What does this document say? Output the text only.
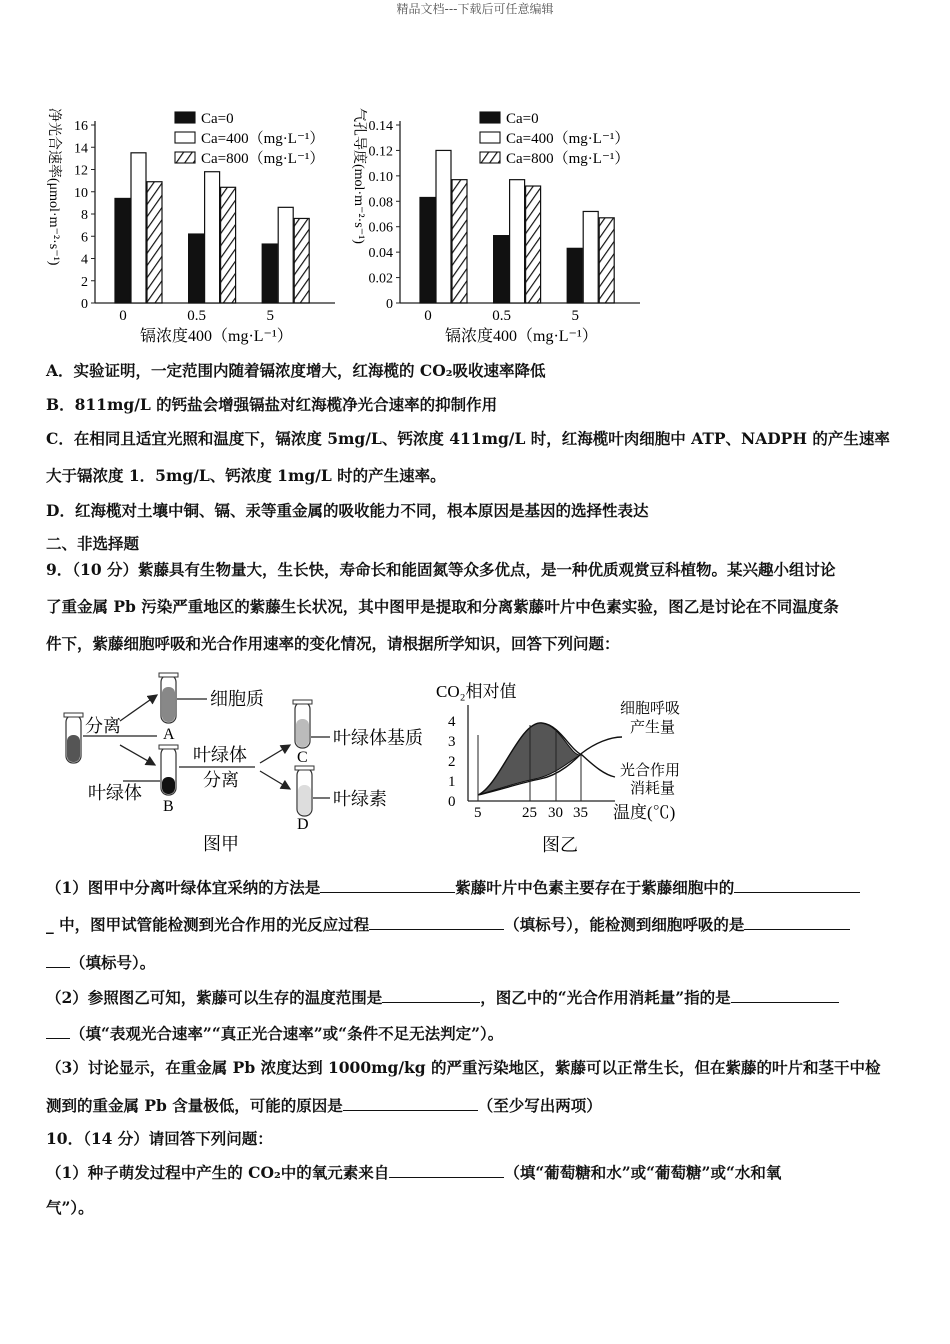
精品文档---下载后可任意编辑
净光合速率(μmol·m⁻²·s⁻¹)
0
2
4
6
8
10
12
14
16
0	0.5	5
镉浓度400（mg·L⁻¹）
Ca=0
Ca=400（mg·L⁻¹）
Ca=800（mg·L⁻¹） 气孔导度(mol·m⁻²·s⁻¹)
0
0.02
0.04
0.06
0.08
0.10
0.12
0.14
0	0.5	5
镉浓度400（mg·L⁻¹）
Ca=0
Ca=400（mg·L⁻¹）
Ca=800（mg·L⁻¹）
A．实验证明，一定范围内随着镉浓度增大，红海榄的 CO₂吸收速率降低
B．811mg/L 的钙盐会增强镉盐对红海榄净光合速率的抑制作用
C．在相同且适宜光照和温度下，镉浓度 5mg/L、钙浓度 411mg/L 时，红海榄叶肉细胞中 ATP、NADPH 的产生速率
大于镉浓度 1．5mg/L、钙浓度 1mg/L 时的产生速率。
D．红海榄对土壤中铜、镉、汞等重金属的吸收能力不同，根本原因是基因的选择性表达
二、非选择题
9．（10 分）紫藤具有生物量大，生长快，寿命长和能固氮等众多优点，是一种优质观赏豆科植物。某兴趣小组讨论
了重金属 Pb 污染严重地区的紫藤生长状况，其中图甲是提取和分离紫藤叶片中色素实验，图乙是讨论在不同温度条
件下，紫藤细胞呼吸和光合作用速率的变化情况，请根据所学知识，回答下列问题：
分离	A
细胞质
B
叶绿体
叶绿体
分离
C
叶绿体基质
D
叶绿素
图甲
CO₂相对值
0
1
2
3
4
5	25 30 35 温度(℃)
细胞呼吸
产生量
光合作用
消耗量
图乙
（1）图甲中分离叶绿体宜采纳的方法是	紫藤叶片中色素主要存在于紫藤细胞中的
_ 中，图甲试管能检测到光合作用的光反应过程	（填标号），能检测到细胞呼吸的是
（填标号）。
（2）参照图乙可知，紫藤可以生存的温度范围是	，图乙中的“光合作用消耗量”指的是
（填“表观光合速率”“真正光合速率”或“条件不足无法判定”）。
（3）讨论显示，在重金属 Pb 浓度达到 1000mg/kg 的严重污染地区，紫藤可以正常生长，但在紫藤的叶片和茎干中检
测到的重金属 Pb 含量极低，可能的原因是	（至少写出两项）
10．（14 分）请回答下列问题：
（1）种子萌发过程中产生的 CO₂中的氧元素来自	（填“葡萄糖和水”或“葡萄糖”或“水和氧
气”）。
